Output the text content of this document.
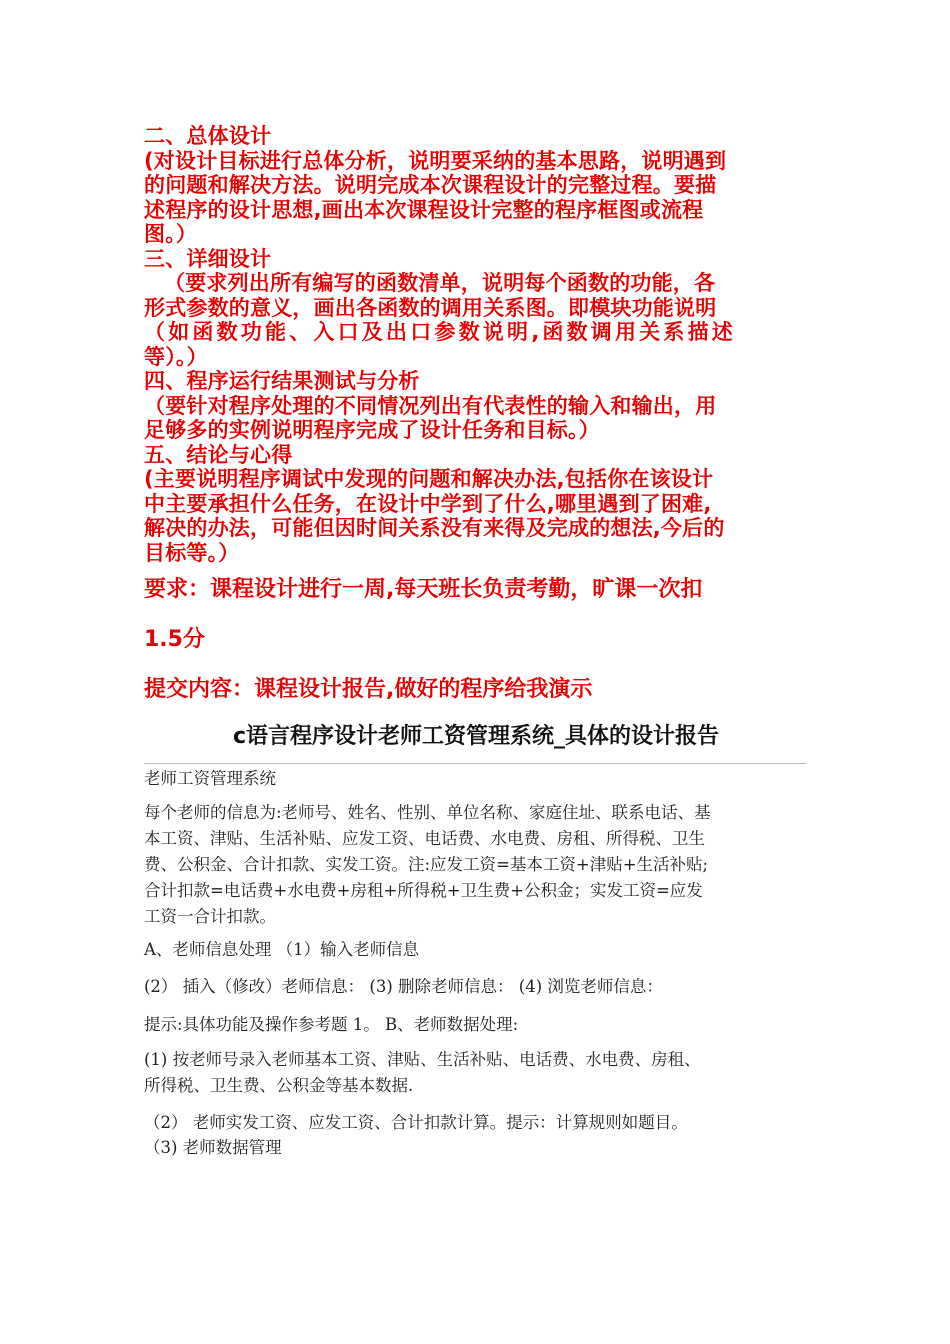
二、总体设计
(对设计目标进行总体分析，说明要采纳的基本思路，说明遇到
的问题和解决方法。说明完成本次课程设计的完整过程。要描
述程序的设计思想,画出本次课程设计完整的程序框图或流程
图。）
三、详细设计
（要求列出所有编写的函数清单，说明每个函数的功能，各
形式参数的意义，画出各函数的调用关系图。即模块功能说明
（如函数功能、入口及出口参数说明,函数调用关系描述
等）。）
四、程序运行结果测试与分析
（要针对程序处理的不同情况列出有代表性的输入和输出，用
足够多的实例说明程序完成了设计任务和目标。）
五、结论与心得
(主要说明程序调试中发现的问题和解决办法,包括你在该设计
中主要承担什么任务，在设计中学到了什么,哪里遇到了困难,
解决的办法，可能但因时间关系没有来得及完成的想法,今后的
目标等。）
要求：课程设计进行一周,每天班长负责考勤，旷课一次扣
1.5分
提交内容：课程设计报告,做好的程序给我演示
c语言程序设计老师工资管理系统_具体的设计报告
老师工资管理系统
每个老师的信息为:老师号、姓名、性别、单位名称、家庭住址、联系电话、基
本工资、津贴、生活补贴、应发工资、电话费、水电费、房租、所得税、卫生
费、公积金、合计扣款、实发工资。注:应发工资=基本工资+津贴+生活补贴;
合计扣款=电话费+水电费+房租+所得税+卫生费+公积金；实发工资=应发
工资一合计扣款。
A、老师信息处理 （1）输入老师信息
(2） 插入（修改）老师信息： (3) 删除老师信息： (4) 浏览老师信息：
提示:具体功能及操作参考题 1。 B、老师数据处理:
(1) 按老师号录入老师基本工资、津贴、生活补贴、电话费、水电费、房租、
所得税、卫生费、公积金等基本数据.
（2） 老师实发工资、应发工资、合计扣款计算。提示：计算规则如题目。
（3) 老师数据管理
